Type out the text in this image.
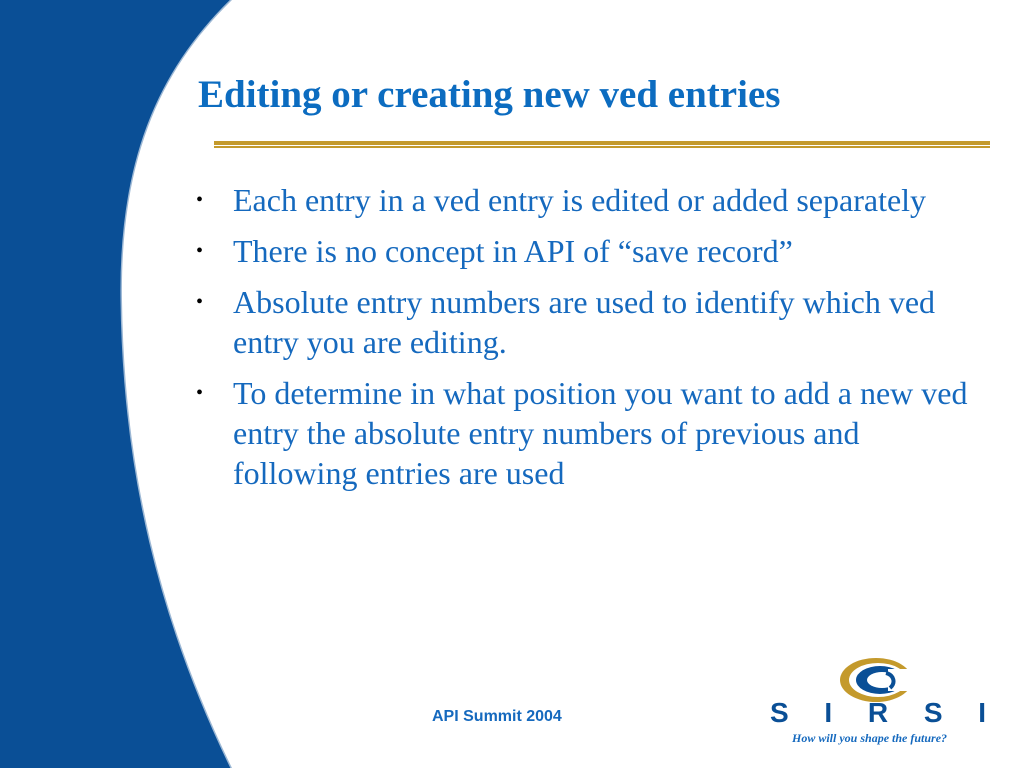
Editing or creating new ved entries
• Each entry in a ved entry is edited or added separately
• There is no concept in API of “save record”
• Absolute entry numbers are used to identify which ved entry you are editing.
• To determine in what position you want to add a new ved entry the absolute entry numbers of previous and following entries are used

API Summit 2004	S I R S I

How will you shape the future?
